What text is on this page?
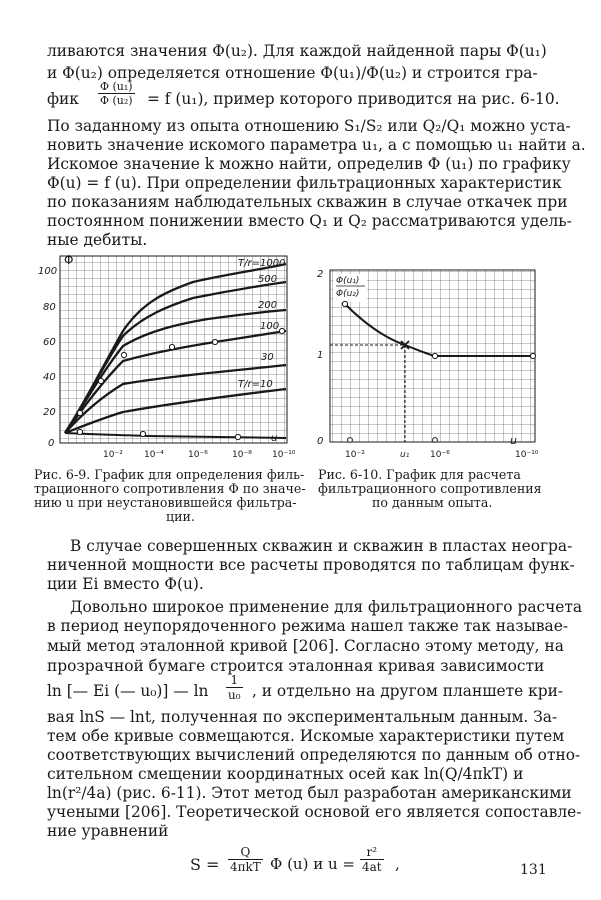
ливаются значения Φ(u₂). Для каждой найденной пары Φ(u₁)
и Φ(u₂) определяется отношение Φ(u₁)/Φ(u₂) и строится гра-
фик $\frac{\text{Φ (u₁)}}{\text{Φ (u₂)}} = f$ (u₁), пример которого приводится на рис. 6-10.
По заданному из опыта отношению S₁/S₂ или Q₂/Q₁ можно уста-
новить значение искомого параметра u₁, а с помощью u₁ найти a.
Искомое значение k можно найти, определив Φ (u₁) по графику
Φ(u) = f (u). При определении фильтрационных характеристик
по показаниям наблюдательных скважин в случае откачек при
постоянном понижении вместо Q₁ и Q₂ рассматриваются удель-
ные дебиты.
Φ
100
80
60
40
20
0
10⁻² 10⁻⁴	10⁻⁶	10⁻⁸ 10⁻¹⁰
u
T/r=1000
500
200
100
30
T/r=10
Φ(u₁)
Φ(u₂)
2
1
0
10⁻²	u₁ 10⁻⁶	10⁻¹⁰
u
Рис. 6-9. График для определения филь-
трационного сопротивления Φ по значе-
нию u при неустановившейся фильтра-
ции.
Рис. 6-10. График для расчета
фильтрационного сопротивления
по данным опыта.
В случае совершенных скважин и скважин в пластах неогра-
ниченной мощности все расчеты проводятся по таблицам функ-
ции Ei вместо Φ(u).
Довольно широкое применение для фильтрационного расчета
в период неупорядоченного режима нашел также так называе-
мый метод эталонной кривой [206]. Согласно этому методу, на
прозрачной бумаге строится эталонная кривая зависимости
ln [— Ei (— u₀)] — $\ln \frac{1}{\text{u₀}}$ , и отдельно на другом планшете кри-
вая lnS — lnt, полученная по экспериментальным данным. За-
тем обе кривые совмещаются. Искомые характеристики путем
соответствующих вычислений определяются по данным об отно-
сительном смещении координатных осей как ln(Q/4πkT) и
ln(r²/4a) (рис. 6-11). Этот метод был разработан американскими
учеными [206]. Теоретической основой его является сопоставле-
ние уравнений
S =
Q
4πkT Φ (u) и $u = \frac{\text{r²}}{4at}$ ,	131
